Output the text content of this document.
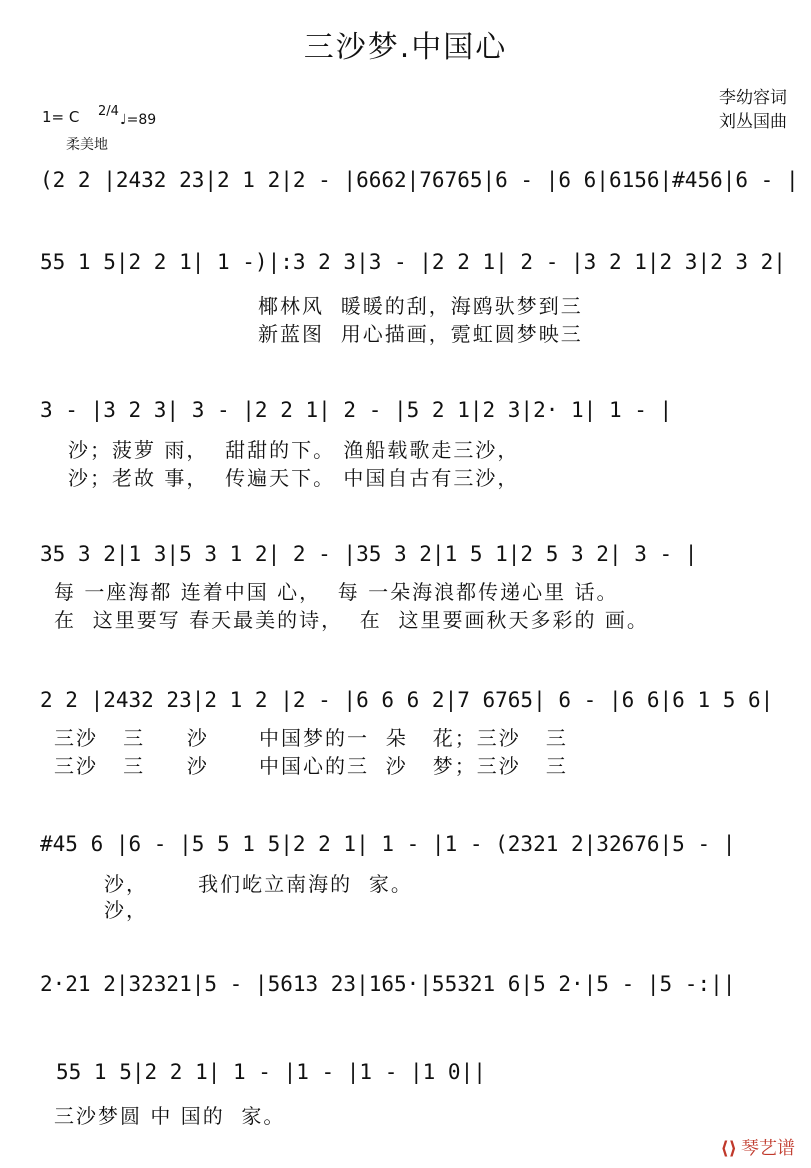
三沙梦.中国心
李幼容词
刘丛国曲
1= C 2/4
♩=89
柔美地
(2 2 |2432 23|2 1 2|2 - |6662|76765|6 - |6 6|6156|#456|6 - |
55 1 5|2 2 1| 1 -)|:3 2 3|3 - |2 2 1| 2 - |3 2 1|2 3|2 3 2|
椰林风  暖暖的刮，海鸥驮梦到三
新蓝图  用心描画，霓虹圆梦映三
3 - |3 2 3| 3 - |2 2 1| 2 - |5 2 1|2 3|2· 1| 1 - |
沙；菠萝 雨，  甜甜的下。 渔船载歌走三沙，
沙；老故 事，  传遍天下。 中国自古有三沙，
35 3 2|1 3|5 3 1 2| 2 - |35 3 2|1 5 1|2 5 3 2| 3 - |
每 一座海都 连着中国 心，  每 一朵海浪都传递心里 话。
在  这里要写 春天最美的诗，  在  这里要画秋天多彩的 画。
2 2 |2432 23|2 1 2 |2 - |6 6 6 2|7 6765| 6 - |6 6|6 1 5 6|
三沙   三     沙      中国梦的一  朵   花；三沙   三
三沙   三     沙      中国心的三  沙   梦；三沙   三
#45 6 |6 - |5 5 1 5|2 2 1| 1 - |1 - (2321 2|32676|5 - |
沙，      我们屹立南海的  家。
沙，
2·21 2|32321|5 - |5613 23|165·|55321 6|5 2·|5 - |5 -:||
55 1 5|2 2 1| 1 - |1 - |1 - |1 0||
三沙梦圆 中 国的  家。
⟨⟩ 琴艺谱
